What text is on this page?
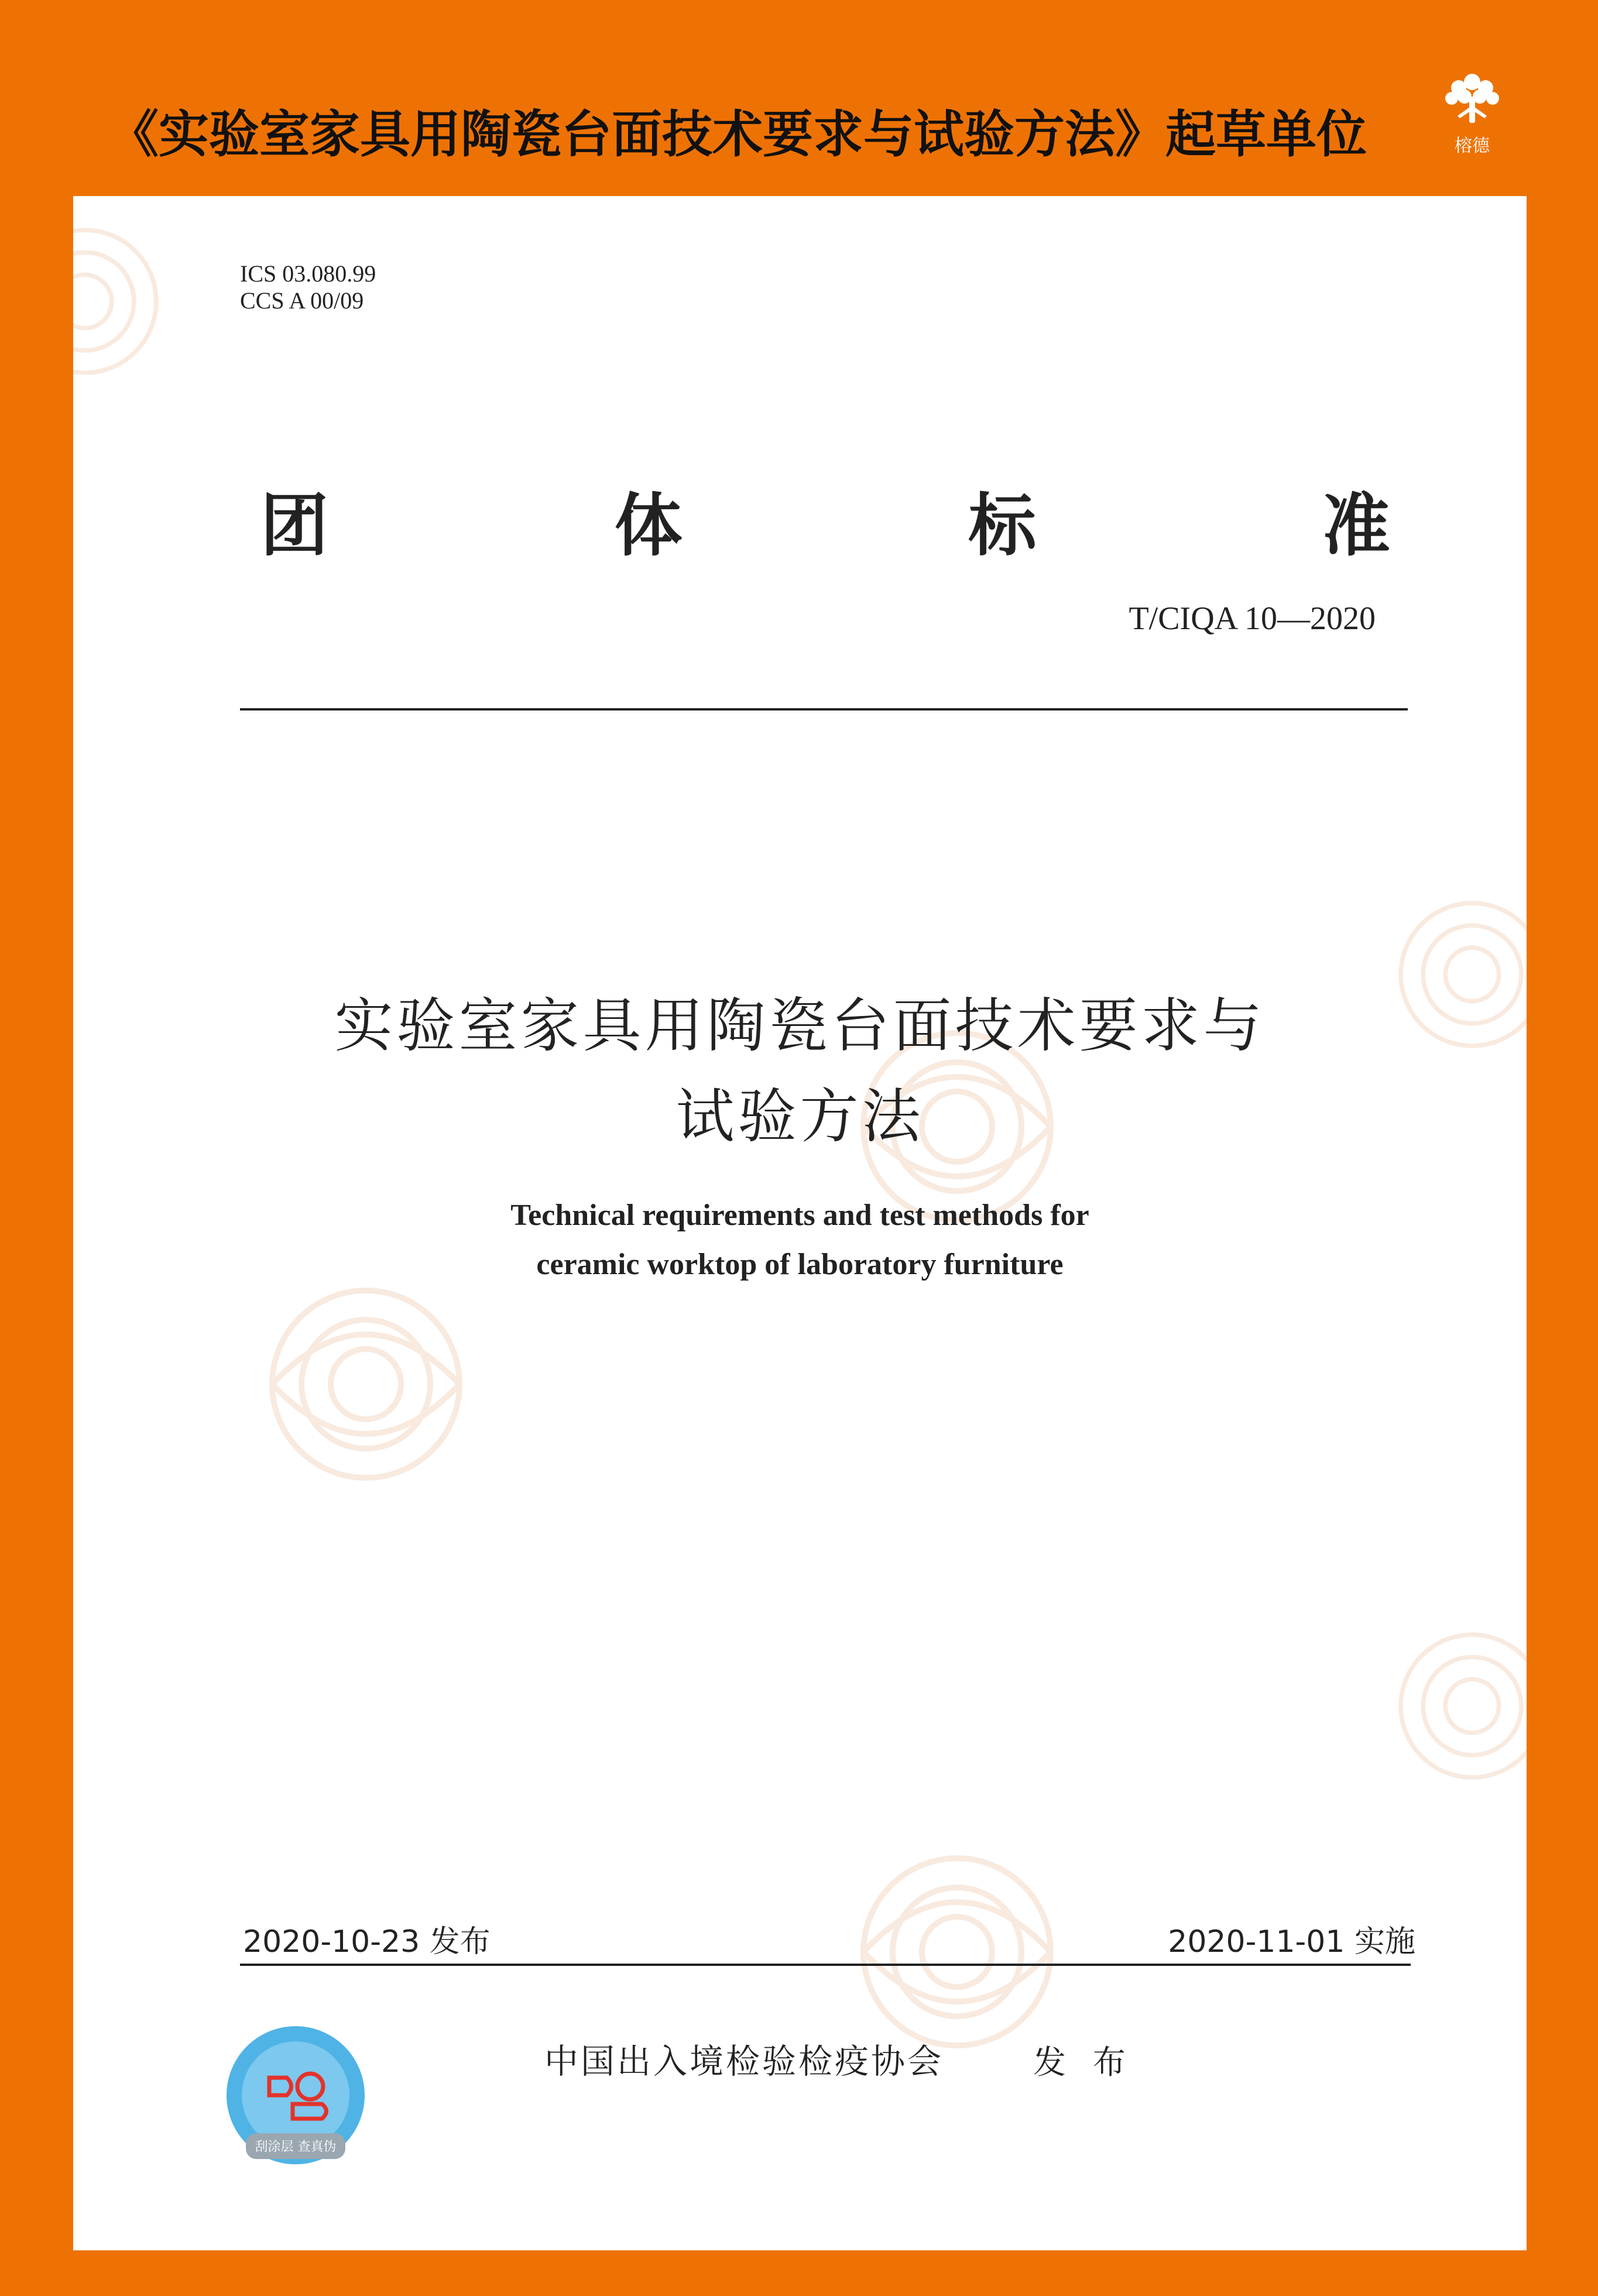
《实验室家具用陶瓷台面技术要求与试验方法》起草单位	榕德
ICS 03.080.99
CCS A 00/09
团	体	标	准
T/CIQA 10—2020
实验室家具用陶瓷台面技术要求与
试验方法
Technical requirements and test methods for
ceramic worktop of laboratory furniture
2020-10-23 发布	2020-11-01 实施
刮涂层 查真伪
中国出入境检验检疫协会	发 布
